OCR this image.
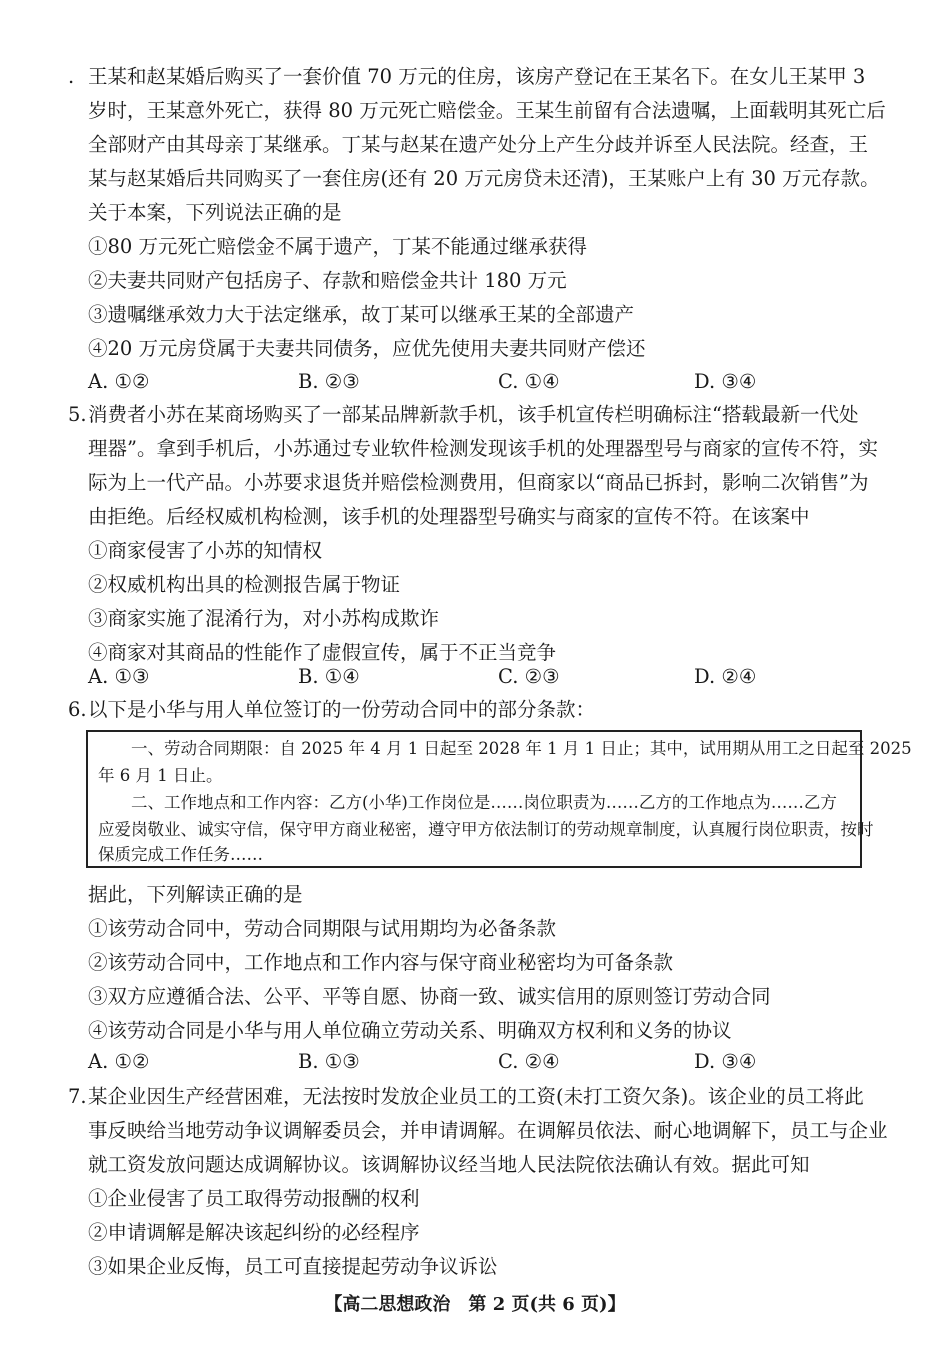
. 王某和赵某婚后购买了一套价值 70 万元的住房，该房产登记在王某名下。在女儿王某甲 3
岁时，王某意外死亡，获得 80 万元死亡赔偿金。王某生前留有合法遗嘱，上面载明其死亡后
全部财产由其母亲丁某继承。丁某与赵某在遗产处分上产生分歧并诉至人民法院。经查，王
某与赵某婚后共同购买了一套住房(还有 20 万元房贷未还清)，王某账户上有 30 万元存款。
关于本案，下列说法正确的是
①80 万元死亡赔偿金不属于遗产，丁某不能通过继承获得
②夫妻共同财产包括房子、存款和赔偿金共计 180 万元
③遗嘱继承效力大于法定继承，故丁某可以继承王某的全部遗产
④20 万元房贷属于夫妻共同债务，应优先使用夫妻共同财产偿还
A. ①②	B. ②③	C. ①④	D. ③④
5.消费者小苏在某商场购买了一部某品牌新款手机，该手机宣传栏明确标注“搭载最新一代处
理器”。拿到手机后，小苏通过专业软件检测发现该手机的处理器型号与商家的宣传不符，实
际为上一代产品。小苏要求退货并赔偿检测费用，但商家以“商品已拆封，影响二次销售”为
由拒绝。后经权威机构检测，该手机的处理器型号确实与商家的宣传不符。在该案中
①商家侵害了小苏的知情权
②权威机构出具的检测报告属于物证
③商家实施了混淆行为，对小苏构成欺诈
④商家对其商品的性能作了虚假宣传，属于不正当竞争
A. ①③	B. ①④	C. ②③	D. ②④
6.以下是小华与用人单位签订的一份劳动合同中的部分条款：
　　一、劳动合同期限：自 2025 年 4 月 1 日起至 2028 年 1 月 1 日止；其中，试用期从用工之日起至 2025
年 6 月 1 日止。
　　二、工作地点和工作内容：乙方(小华)工作岗位是……岗位职责为……乙方的工作地点为……乙方
应爱岗敬业、诚实守信，保守甲方商业秘密，遵守甲方依法制订的劳动规章制度，认真履行岗位职责，按时
保质完成工作任务……
据此，下列解读正确的是
①该劳动合同中，劳动合同期限与试用期均为必备条款
②该劳动合同中，工作地点和工作内容与保守商业秘密均为可备条款
③双方应遵循合法、公平、平等自愿、协商一致、诚实信用的原则签订劳动合同
④该劳动合同是小华与用人单位确立劳动关系、明确双方权利和义务的协议
A. ①②	B. ①③	C. ②④	D. ③④
7.某企业因生产经营困难，无法按时发放企业员工的工资(未打工资欠条)。该企业的员工将此
事反映给当地劳动争议调解委员会，并申请调解。在调解员依法、耐心地调解下，员工与企业
就工资发放问题达成调解协议。该调解协议经当地人民法院依法确认有效。据此可知
①企业侵害了员工取得劳动报酬的权利
②申请调解是解决该起纠纷的必经程序
③如果企业反悔，员工可直接提起劳动争议诉讼
【高二思想政治　第 2 页(共 6 页)】
